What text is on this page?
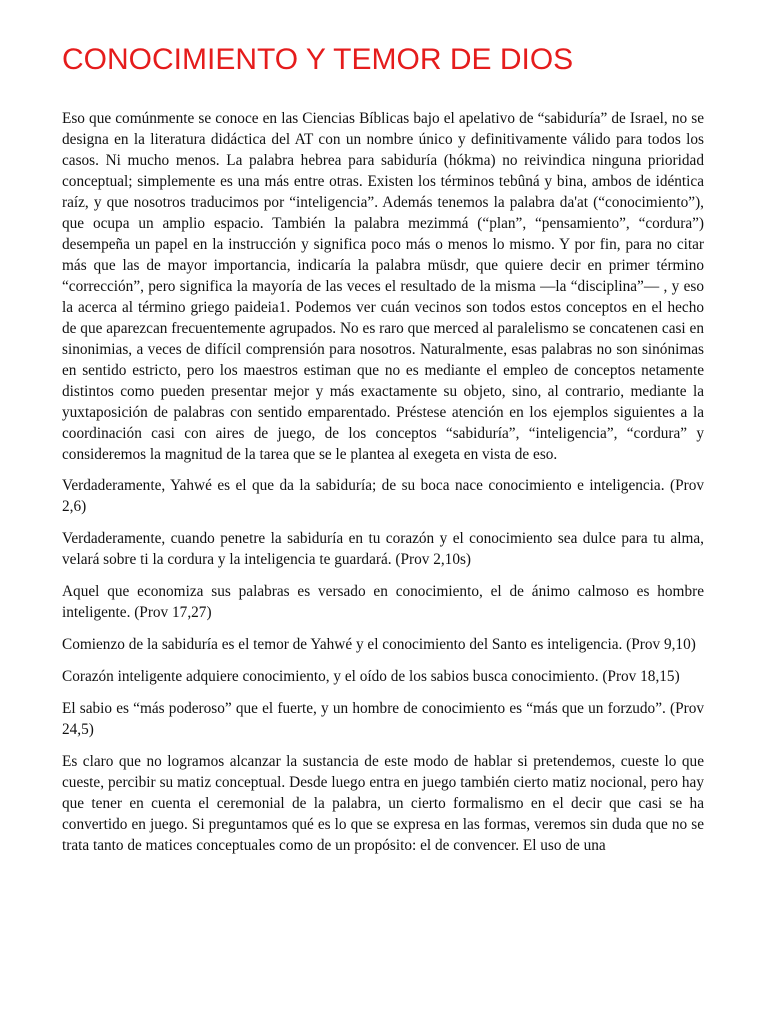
CONOCIMIENTO Y TEMOR DE DIOS

Eso que comúnmente se conoce en las Ciencias Bíblicas bajo el apelativo de “sabiduría” de Israel, no se designa en la literatura didáctica del AT con un nombre único y definitivamente válido para todos los casos. Ni mucho menos. La palabra hebrea para sabiduría (hókma) no reivindica ninguna prioridad conceptual; simplemente es una más entre otras. Existen los términos tebûná y bina, ambos de idéntica raíz, y que nosotros traducimos por “inteligencia”. Además tenemos la palabra da'at (“conocimiento”), que ocupa un amplio espacio. También la palabra mezimmá (“plan”, “pensamiento”, “cordura”) desempeña un papel en la instrucción y significa poco más o menos lo mismo. Y por fin, para no citar más que las de mayor importancia, indicaría la palabra müsdr, que quiere decir en primer término “corrección”, pero significa la mayoría de las veces el resultado de la misma —la “disciplina”— , y eso la acerca al término griego paideia1. Podemos ver cuán vecinos son todos estos conceptos en el hecho de que aparezcan frecuentemente agrupados. No es raro que merced al paralelismo se concatenen casi en sinonimias, a veces de difícil comprensión para nosotros. Naturalmente, esas palabras no son sinónimas en sentido estricto, pero los maestros estiman que no es mediante el empleo de conceptos netamente distintos como pueden presentar mejor y más exactamente su objeto, sino, al contrario, mediante la yuxtaposición de palabras con sentido emparentado. Préstese atención en los ejemplos siguientes a la coordinación casi con aires de juego, de los conceptos “sabiduría”, “inteligencia”, “cordura” y consideremos la magnitud de la tarea que se le plantea al exegeta en vista de eso.

Verdaderamente, Yahwé es el que da la sabiduría; de su boca nace conocimiento e inteligencia. (Prov 2,6)

Verdaderamente, cuando penetre la sabiduría en tu corazón y el conocimiento sea dulce para tu alma, velará sobre ti la cordura y la inteligencia te guardará. (Prov 2,10s)

Aquel que economiza sus palabras es versado en conocimiento, el de ánimo calmoso es hombre inteligente. (Prov 17,27)

Comienzo de la sabiduría es el temor de Yahwé y el conocimiento del Santo es inteligencia. (Prov 9,10)

Corazón inteligente adquiere conocimiento, y el oído de los sabios busca conocimiento. (Prov 18,15)

El sabio es “más poderoso” que el fuerte, y un hombre de conocimiento es “más que un forzudo”. (Prov 24,5)

Es claro que no logramos alcanzar la sustancia de este modo de hablar si pretendemos, cueste lo que cueste, percibir su matiz conceptual. Desde luego entra en juego también cierto matiz nocional, pero hay que tener en cuenta el ceremonial de la palabra, un cierto formalismo en el decir que casi se ha convertido en juego. Si preguntamos qué es lo que se expresa en las formas, veremos sin duda que no se trata tanto de matices conceptuales como de un propósito: el de convencer. El uso de una
